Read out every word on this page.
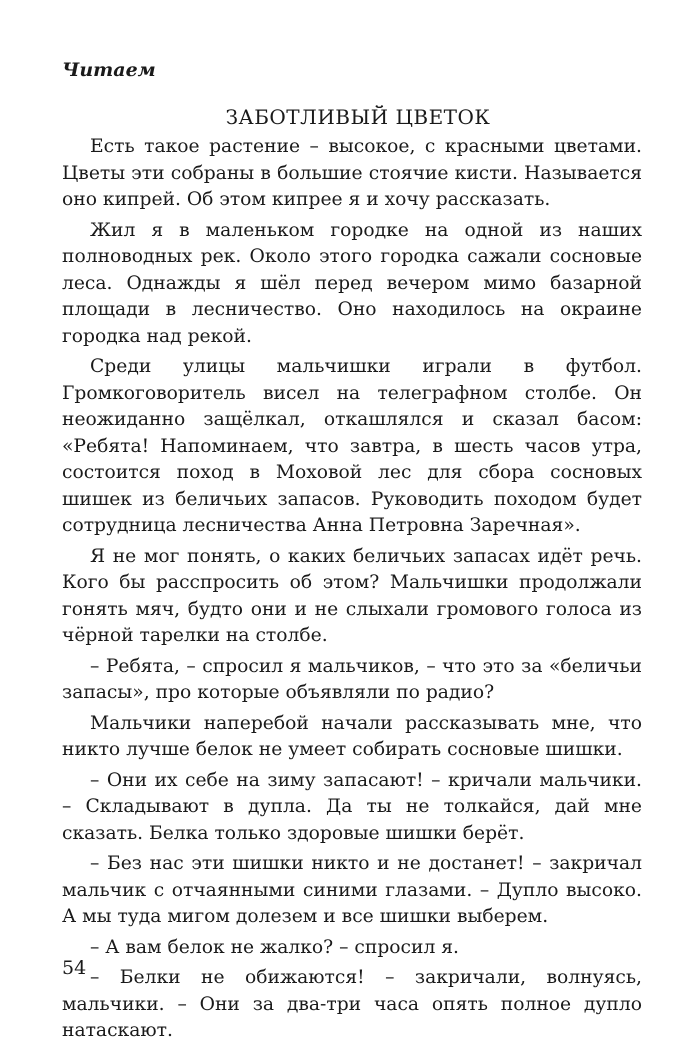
Читаем
ЗАБОТЛИВЫЙ ЦВЕТОК

Есть такое растение – высокое, с красными цветами. Цветы эти собраны в большие стоячие кисти. Называется оно кипрей. Об этом кипрее я и хочу рассказать.

Жил я в маленьком городке на одной из наших полноводных рек. Около этого городка сажали сосновые леса. Однажды я шёл перед вечером мимо базарной площади в лесничество. Оно находилось на окраине городка над рекой.

Среди улицы мальчишки играли в футбол. Громкоговоритель висел на телеграфном столбе. Он неожиданно защёлкал, откашлялся и сказал басом: «Ребята! Напоминаем, что завтра, в шесть часов утра, состоится поход в Моховой лес для сбора сосновых шишек из беличьих запасов. Руководить походом будет сотрудница лесничества Анна Петровна Заречная».

Я не мог понять, о каких беличьих запасах идёт речь. Кого бы расспросить об этом? Мальчишки продолжали гонять мяч, будто они и не слыхали громового голоса из чёрной тарелки на столбе.

– Ребята, – спросил я мальчиков, – что это за «беличьи запасы», про которые объявляли по радио?

Мальчики наперебой начали рассказывать мне, что никто лучше белок не умеет собирать сосновые шишки.

– Они их себе на зиму запасают! – кричали мальчики. – Складывают в дупла. Да ты не толкайся, дай мне сказать. Белка только здоровые шишки берёт.

– Без нас эти шишки никто и не достанет! – закричал мальчик с отчаянными синими глазами. – Дупло высоко. А мы туда мигом долезем и все шишки выберем.

– А вам белок не жалко? – спросил я.

– Белки не обижаются! – закричали, волнуясь, мальчики. – Они за два-три часа опять полное дупло натаскают.

54
